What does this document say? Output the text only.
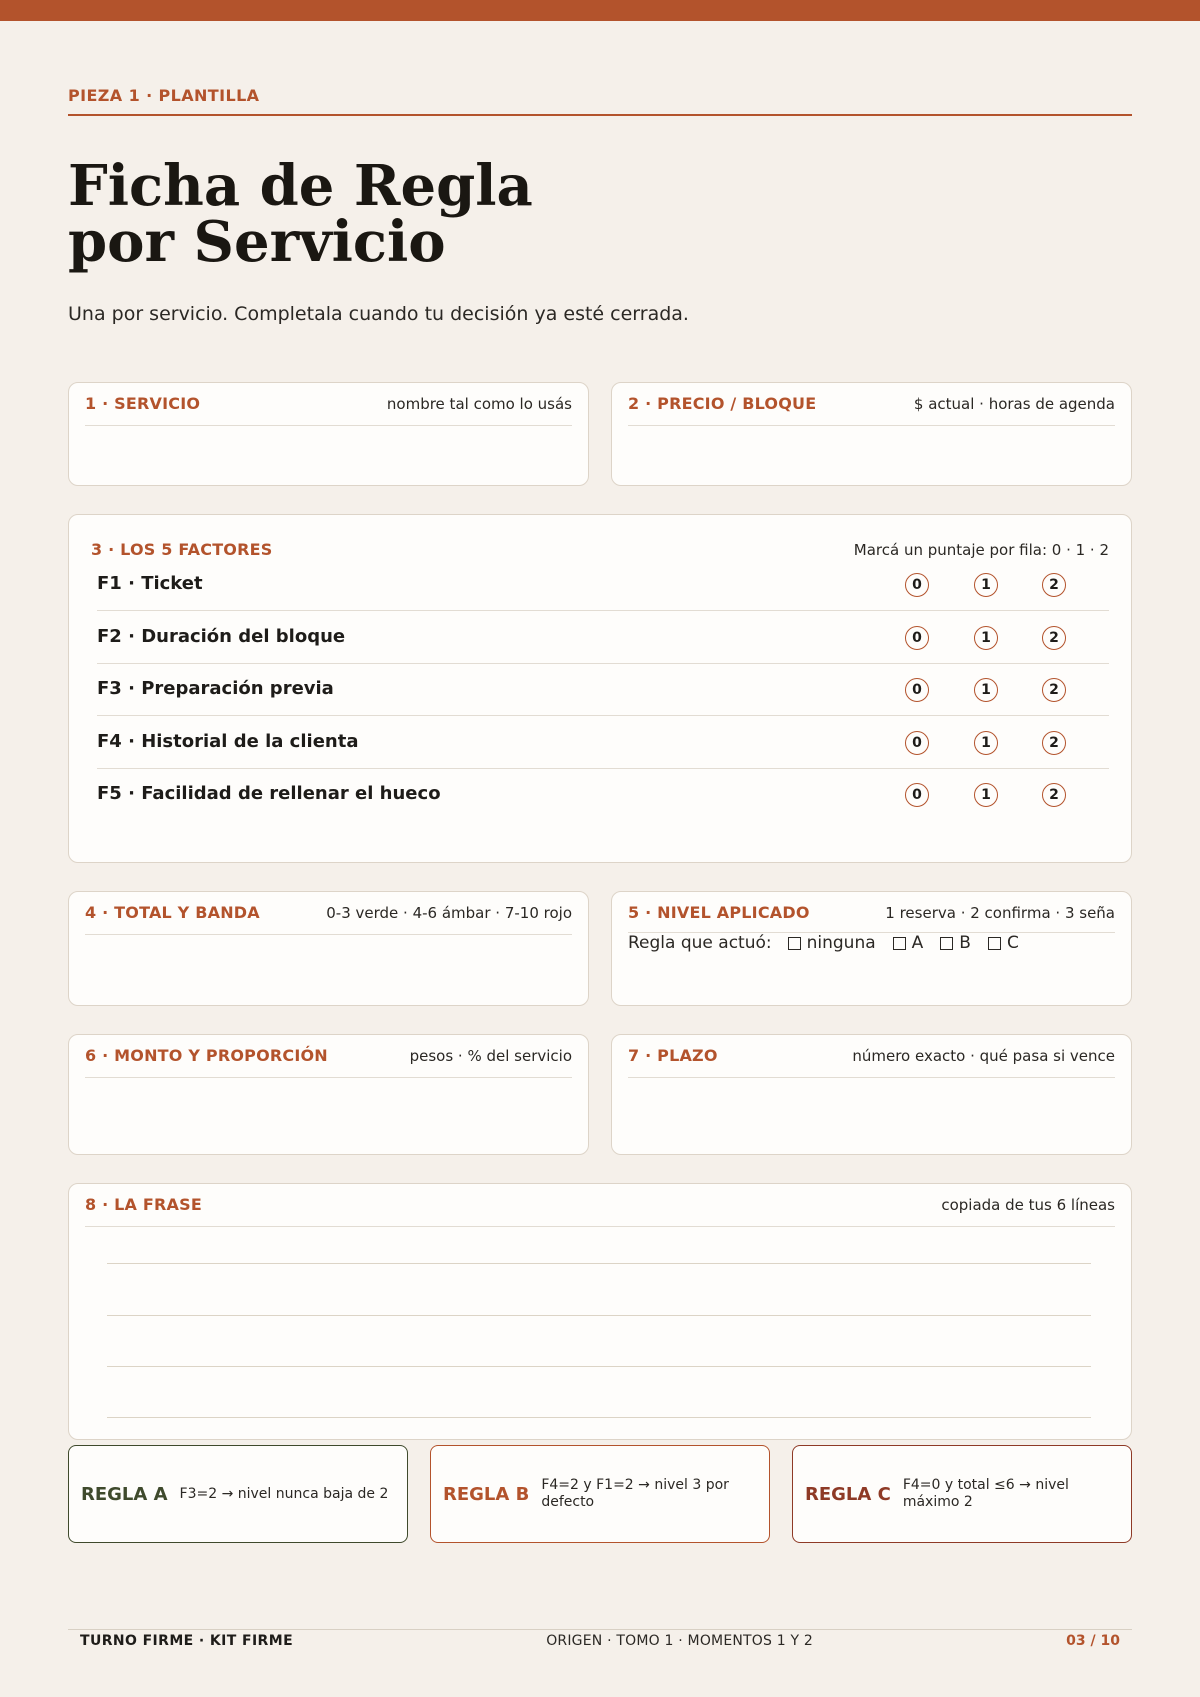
PIEZA 1 · PLANTILLA
Ficha de Regla
por Servicio

Una por servicio. Completala cuando tu decisión ya esté cerrada.

1 · SERVICIO	nombre tal como lo usás	2 · PRECIO / BLOQUE	$ actual · horas de agenda
3 · LOS 5 FACTORES	Marcá un puntaje por fila: 0 · 1 · 2
F1 · Ticket	0	1	2
F2 · Duración del bloque	0	1	2
F3 · Preparación previa	0	1	2
F4 · Historial de la clienta	0	1	2
F5 · Facilidad de rellenar el hueco	0	1	2
4 · TOTAL Y BANDA	0-3 verde · 4-6 ámbar · 7-10 rojo	5 · NIVEL APLICADO	1 reserva · 2 confirma · 3 seña
Regla que actuó: ninguna A B C
6 · MONTO Y PROPORCIÓN	pesos · % del servicio	7 · PLAZO	número exacto · qué pasa si vence
8 · LA FRASE	copiada de tus 6 líneas
REGLA A F3=2 → nivel nunca baja de 2	REGLA B F4=2 y F1=2 → nivel 3 por defecto	REGLA C F4=0 y total ≤6 → nivel máximo 2
TURNO FIRME · KIT FIRME	ORIGEN · TOMO 1 · MOMENTOS 1 Y 2	03 / 10
